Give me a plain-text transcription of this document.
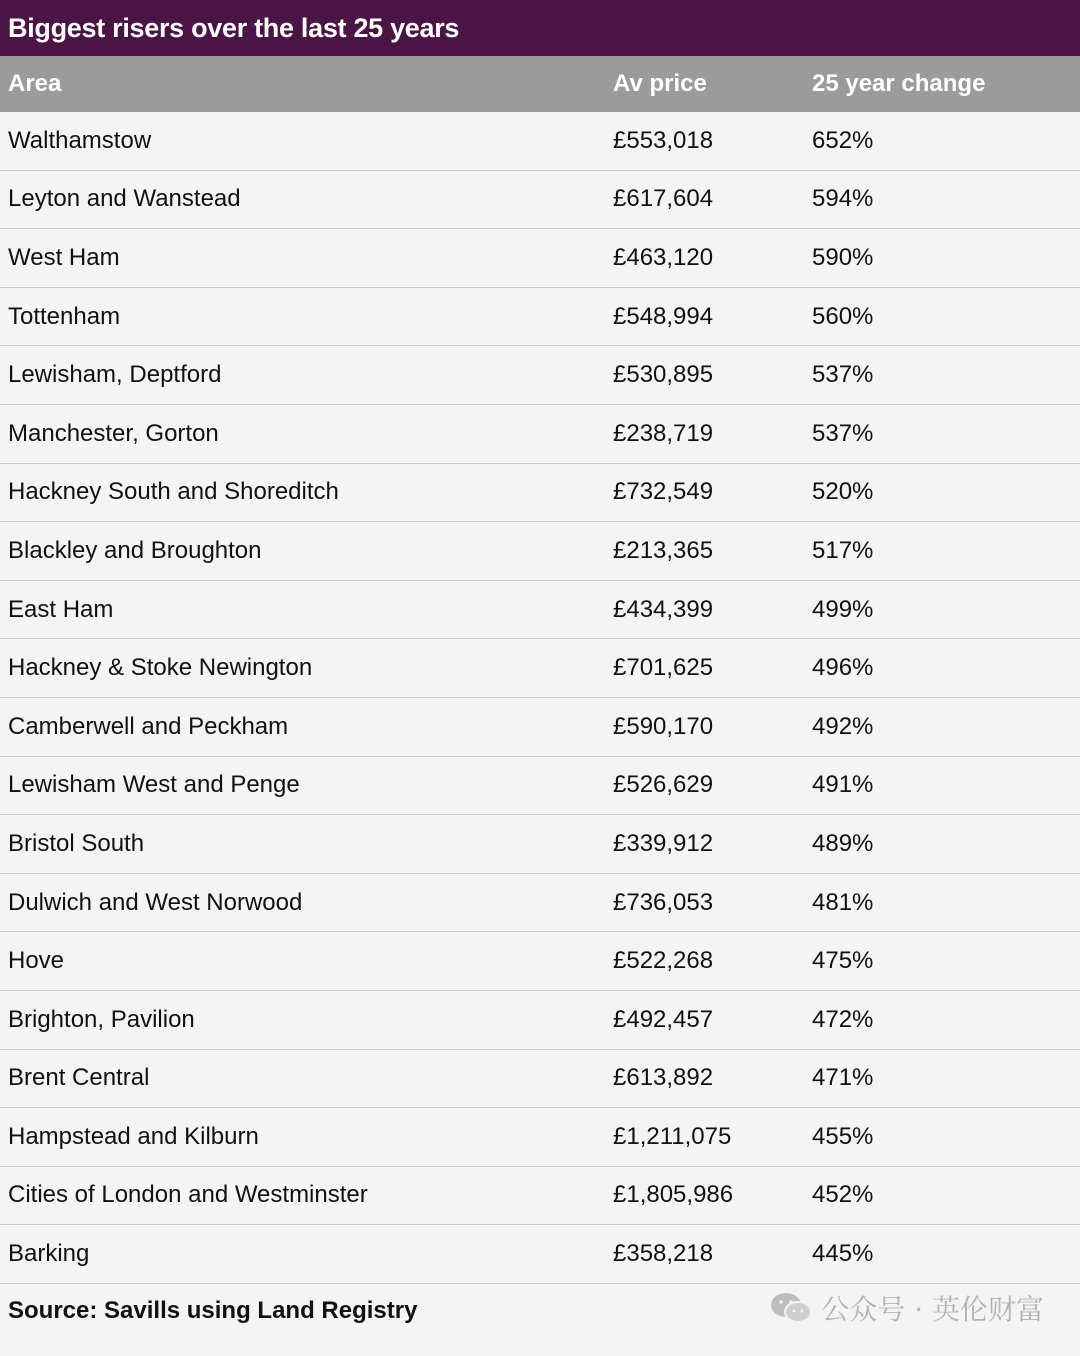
Biggest risers over the last 25 years
Area	Av price	25 year change
Walthamstow	£553,018	652%
Leyton and Wanstead	£617,604	594%
West Ham	£463,120	590%
Tottenham	£548,994	560%
Lewisham, Deptford	£530,895	537%
Manchester, Gorton	£238,719	537%
Hackney South and Shoreditch	£732,549	520%
Blackley and Broughton	£213,365	517%
East Ham	£434,399	499%
Hackney & Stoke Newington	£701,625	496%
Camberwell and Peckham	£590,170	492%
Lewisham West and Penge	£526,629	491%
Bristol South	£339,912	489%
Dulwich and West Norwood	£736,053	481%
Hove	£522,268	475%
Brighton, Pavilion	£492,457	472%
Brent Central	£613,892	471%
Hampstead and Kilburn	£1,211,075	455%
Cities of London and Westminster	£1,805,986	452%
Barking	£358,218	445%
Source: Savills using Land Registry	公众号 · 英伦财富
